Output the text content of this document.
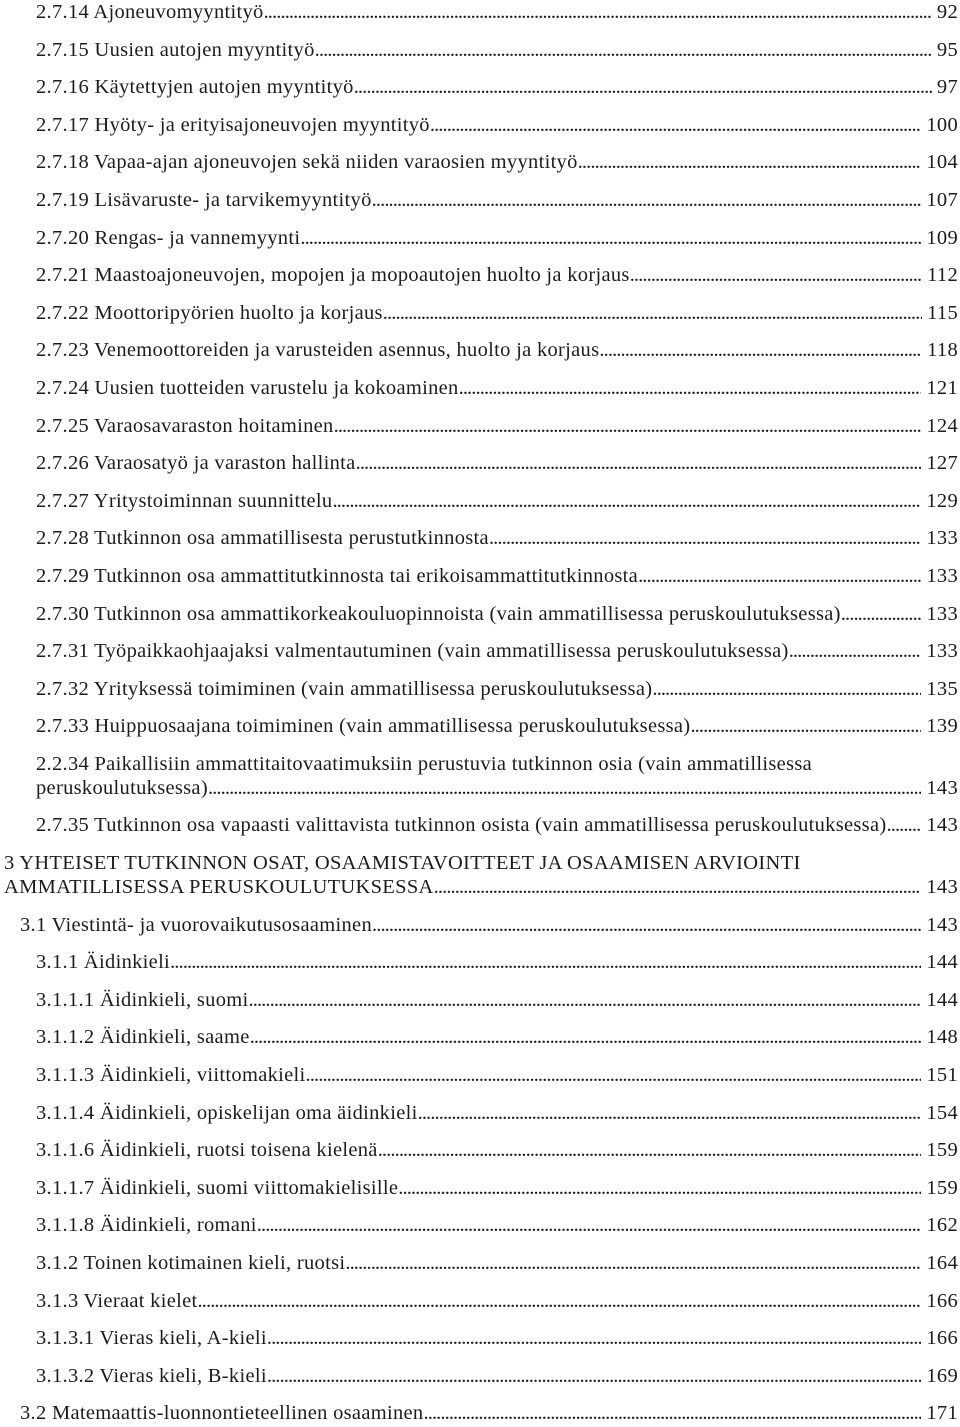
2.7.14 Ajoneuvomyyntityö .....	92
2.7.15 Uusien autojen myyntityö .....	95
2.7.16 Käytettyjen autojen myyntityö .....	97
2.7.17 Hyöty- ja erityisajoneuvojen myyntityö .....	100
2.7.18 Vapaa-ajan ajoneuvojen sekä niiden varaosien myyntityö .....	104
2.7.19 Lisävaruste- ja tarvikemyyntityö .....	107
2.7.20 Rengas- ja vannemyynti .....	109
2.7.21 Maastoajoneuvojen, mopojen ja mopoautojen huolto ja korjaus .....	112
2.7.22 Moottoripyörien huolto ja korjaus .....	115
2.7.23 Venemoottoreiden ja varusteiden asennus, huolto ja korjaus .....	118
2.7.24 Uusien tuotteiden varustelu ja kokoaminen .....	121
2.7.25 Varaosavaraston hoitaminen .....	124
2.7.26 Varaosatyö ja varaston hallinta .....	127
2.7.27 Yritystoiminnan suunnittelu .....	129
2.7.28 Tutkinnon osa ammatillisesta perustutkinnosta .....	133
2.7.29 Tutkinnon osa ammattitutkinnosta tai erikoisammattitutkinnosta .....	133
2.7.30 Tutkinnon osa ammattikorkeakouluopinnoista (vain ammatillisessa peruskoulutuksessa) .....	133
2.7.31 Työpaikkaohjaajaksi valmentautuminen (vain ammatillisessa peruskoulutuksessa) .....	133
2.7.32 Yrityksessä toimiminen (vain ammatillisessa peruskoulutuksessa) .....	135
2.7.33 Huippuosaajana toimiminen (vain ammatillisessa peruskoulutuksessa) .....	139
2.2.34 Paikallisiin ammattitaitovaatimuksiin perustuvia tutkinnon osia (vain ammatillisessa
peruskoulutuksessa) .....	143
2.7.35 Tutkinnon osa vapaasti valittavista tutkinnon osista (vain ammatillisessa peruskoulutuksessa) ..... 143
3 YHTEISET TUTKINNON OSAT, OSAAMISTAVOITTEET JA OSAAMISEN ARVIOINTI
AMMATILLISESSA PERUSKOULUTUKSESSA .....	143
3.1 Viestintä- ja vuorovaikutusosaaminen .....	143
3.1.1 Äidinkieli .....	144
3.1.1.1 Äidinkieli, suomi .....	144
3.1.1.2 Äidinkieli, saame .....	148
3.1.1.3 Äidinkieli, viittomakieli .....	151
3.1.1.4 Äidinkieli, opiskelijan oma äidinkieli .....	154
3.1.1.6 Äidinkieli, ruotsi toisena kielenä .....	159
3.1.1.7 Äidinkieli, suomi viittomakielisille .....	159
3.1.1.8 Äidinkieli, romani .....	162
3.1.2 Toinen kotimainen kieli, ruotsi .....	164
3.1.3 Vieraat kielet .....	166
3.1.3.1 Vieras kieli, A-kieli .....	166
3.1.3.2 Vieras kieli, B-kieli .....	169
3.2 Matemaattis-luonnontieteellinen osaaminen .....	171
